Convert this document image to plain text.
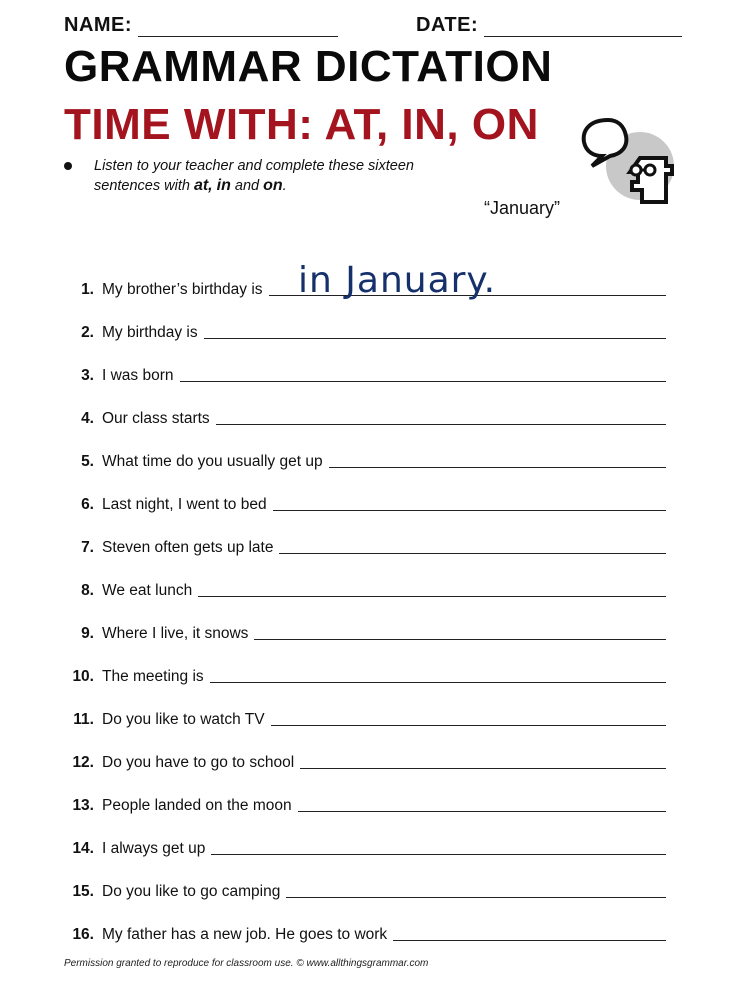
NAME:	DATE:
GRAMMAR DICTATION
TIME WITH: AT, IN, ON
Listen to your teacher and complete these sixteen sentences with at, in and on.
“January”
1. My brother’s birthday is in January.
2. My birthday is
3. I was born
4. Our class starts
5. What time do you usually get up
6. Last night, I went to bed
7. Steven often gets up late
8. We eat lunch
9. Where I live, it snows
10. The meeting is
11. Do you like to watch TV
12. Do you have to go to school
13. People landed on the moon
14. I always get up
15. Do you like to go camping
16. My father has a new job. He goes to work
Permission granted to reproduce for classroom use. © www.allthingsgrammar.com
